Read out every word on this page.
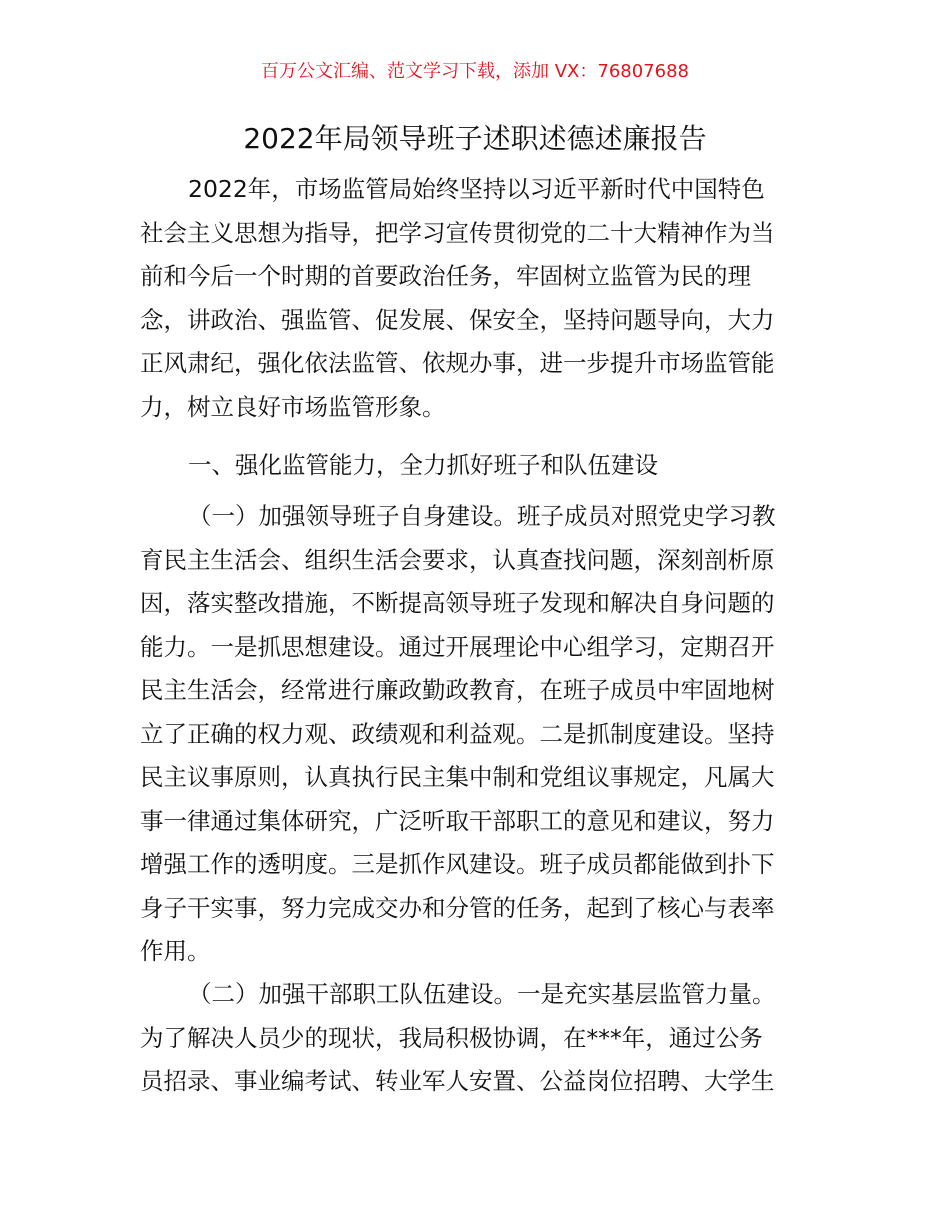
百万公文汇编、范文学习下载，添加 VX：76807688
2022年局领导班子述职述德述廉报告
2022年，市场监管局始终坚持以习近平新时代中国特色
社会主义思想为指导，把学习宣传贯彻党的二十大精神作为当
前和今后一个时期的首要政治任务，牢固树立监管为民的理
念，讲政治、强监管、促发展、保安全，坚持问题导向，大力
正风肃纪，强化依法监管、依规办事，进一步提升市场监管能
力，树立良好市场监管形象。
一、强化监管能力，全力抓好班子和队伍建设
（一）加强领导班子自身建设。班子成员对照党史学习教
育民主生活会、组织生活会要求，认真查找问题，深刻剖析原
因，落实整改措施，不断提高领导班子发现和解决自身问题的
能力。一是抓思想建设。通过开展理论中心组学习，定期召开
民主生活会，经常进行廉政勤政教育，在班子成员中牢固地树
立了正确的权力观、政绩观和利益观。二是抓制度建设。坚持
民主议事原则，认真执行民主集中制和党组议事规定，凡属大
事一律通过集体研究，广泛听取干部职工的意见和建议，努力
增强工作的透明度。三是抓作风建设。班子成员都能做到扑下
身子干实事，努力完成交办和分管的任务，起到了核心与表率
作用。
（二）加强干部职工队伍建设。一是充实基层监管力量。
为了解决人员少的现状，我局积极协调，在***年，通过公务
员招录、事业编考试、转业军人安置、公益岗位招聘、大学生
